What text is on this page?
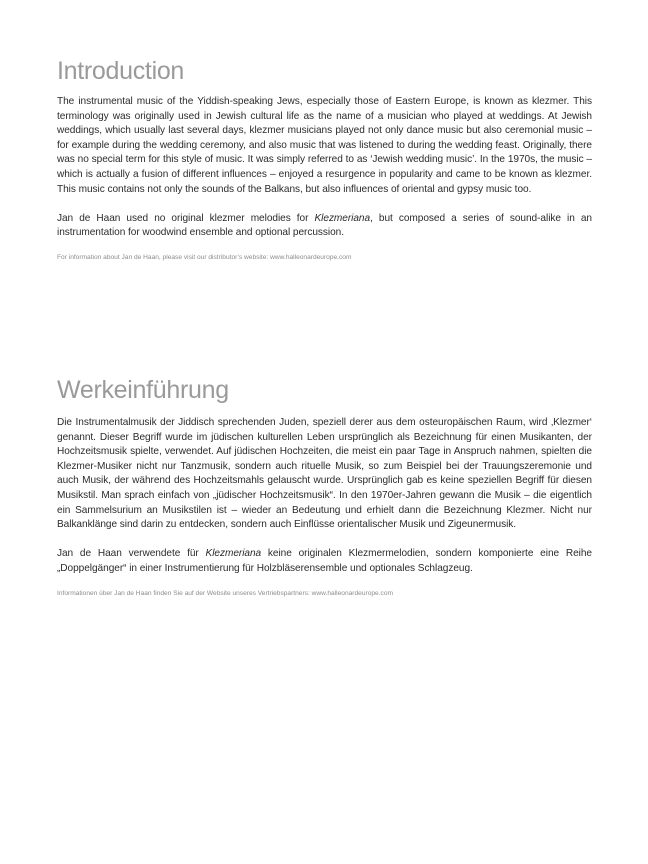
Introduction

The instrumental music of the Yiddish-speaking Jews, especially those of Eastern Europe, is known as klezmer. This terminology was originally used in Jewish cultural life as the name of a musician who played at weddings. At Jewish weddings, which usually last several days, klezmer musicians played not only dance music but also ceremonial music – for example during the wedding ceremony, and also music that was listened to during the wedding feast. Originally, there was no special term for this style of music. It was simply referred to as ‘Jewish wedding music’. In the 1970s, the music – which is actually a fusion of different influences – enjoyed a resurgence in popularity and came to be known as klezmer. This music contains not only the sounds of the Balkans, but also influences of oriental and gypsy music too.

Jan de Haan used no original klezmer melodies for Klezmeriana, but composed a series of sound-alike in an instrumentation for woodwind ensemble and optional percussion.

For information about Jan de Haan, please visit our distributor’s website: www.halleonardeurope.com

Werkeinführung

Die Instrumentalmusik der Jiddisch sprechenden Juden, speziell derer aus dem osteuropäischen Raum, wird ‚Klezmer‘ genannt. Dieser Begriff wurde im jüdischen kulturellen Leben ursprünglich als Bezeichnung für einen Musikanten, der Hochzeitsmusik spielte, verwendet. Auf jüdischen Hochzeiten, die meist ein paar Tage in Anspruch nahmen, spielten die Klezmer-Musiker nicht nur Tanzmusik, sondern auch rituelle Musik, so zum Beispiel bei der Trauungszeremonie und auch Musik, der während des Hochzeitsmahls gelauscht wurde. Ursprünglich gab es keine speziellen Begriff für diesen Musikstil. Man sprach einfach von „jüdischer Hochzeitsmusik“. In den 1970er-Jahren gewann die Musik – die eigentlich ein Sammelsurium an Musikstilen ist – wieder an Bedeutung und erhielt dann die Bezeichnung Klezmer. Nicht nur Balkanklänge sind darin zu entdecken, sondern auch Einflüsse orientalischer Musik und Zigeunermusik.

Jan de Haan verwendete für Klezmeriana keine originalen Klezmermelodien, sondern komponierte eine Reihe „Doppelgänger“ in einer Instrumentierung für Holzbläserensemble und optionales Schlagzeug.

Informationen über Jan de Haan finden Sie auf der Website unseres Vertriebspartners: www.halleonardeurope.com
